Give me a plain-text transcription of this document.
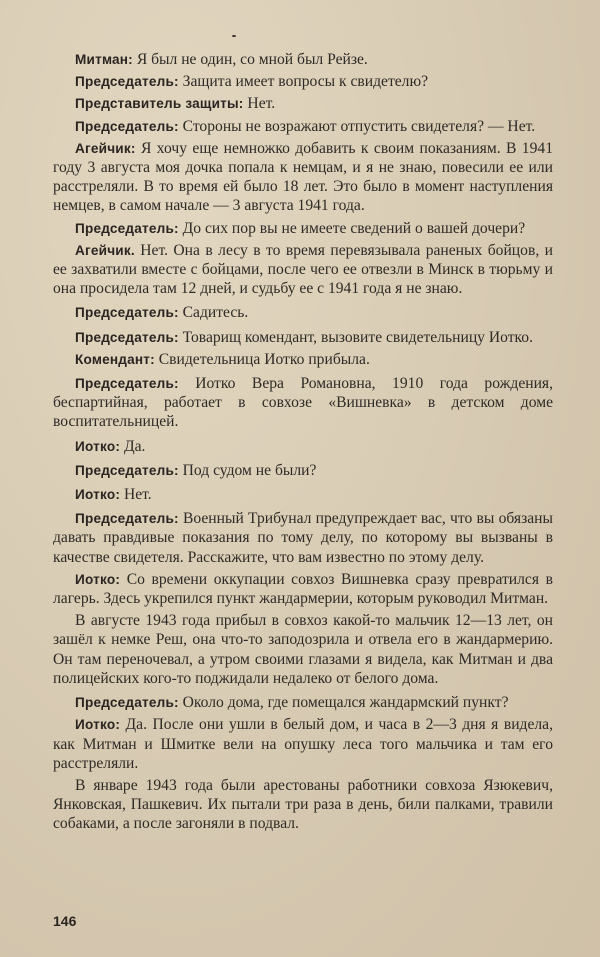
Митман: Я был не один, со мной был Рейзе.

Председатель: Защита имеет вопросы к свидетелю?

Представитель защиты: Нет.

Председатель: Стороны не возражают отпустить свидетеля? — Нет.

Агейчик: Я хочу еще немножко добавить к своим показаниям. В 1941 году 3 августа моя дочка попала к немцам, и я не знаю, повесили ее или расстреляли. В то время ей было 18 лет. Это было в момент наступления немцев, в самом начале — 3 августа 1941 года.

Председатель: До сих пор вы не имеете сведений о вашей дочери?

Агейчик. Нет. Она в лесу в то время перевязывала раненых бойцов, и ее захватили вместе с бойцами, после чего ее отвезли в Минск в тюрьму и она просидела там 12 дней, и судьбу ее с 1941 года я не знаю.

Председатель: Садитесь.

Председатель: Товарищ комендант, вызовите свидетельницу Иотко.

Комендант: Свидетельница Иотко прибыла.

Председатель: Иотко Вера Романовна, 1910 года рождения, беспартийная, работает в совхозе «Вишневка» в детском доме воспитательницей.

Иотко: Да.

Председатель: Под судом не были?

Иотко: Нет.

Председатель: Военный Трибунал предупреждает вас, что вы обязаны давать правдивые показания по тому делу, по которому вы вызваны в качестве свидетеля. Расскажите, что вам известно по этому делу.

Иотко: Со времени оккупации совхоз Вишневка сразу превратился в лагерь. Здесь укрепился пункт жандармерии, которым руководил Митман.

В августе 1943 года прибыл в совхоз какой-то мальчик 12—13 лет, он зашёл к немке Реш, она что-то заподозрила и отвела его в жандармерию. Он там переночевал, а утром своими глазами я видела, как Митман и два полицейских кого-то поджидали недалеко от белого дома.

Председатель: Около дома, где помещался жандармский пункт?

Иотко: Да. После они ушли в белый дом, и часа в 2—3 дня я видела, как Митман и Шмитке вели на опушку леса того мальчика и там его расстреляли.

В январе 1943 года были арестованы работники совхоза Язюкевич, Янковская, Пашкевич. Их пытали три раза в день, били палками, травили собаками, а после загоняли в подвал.

146
